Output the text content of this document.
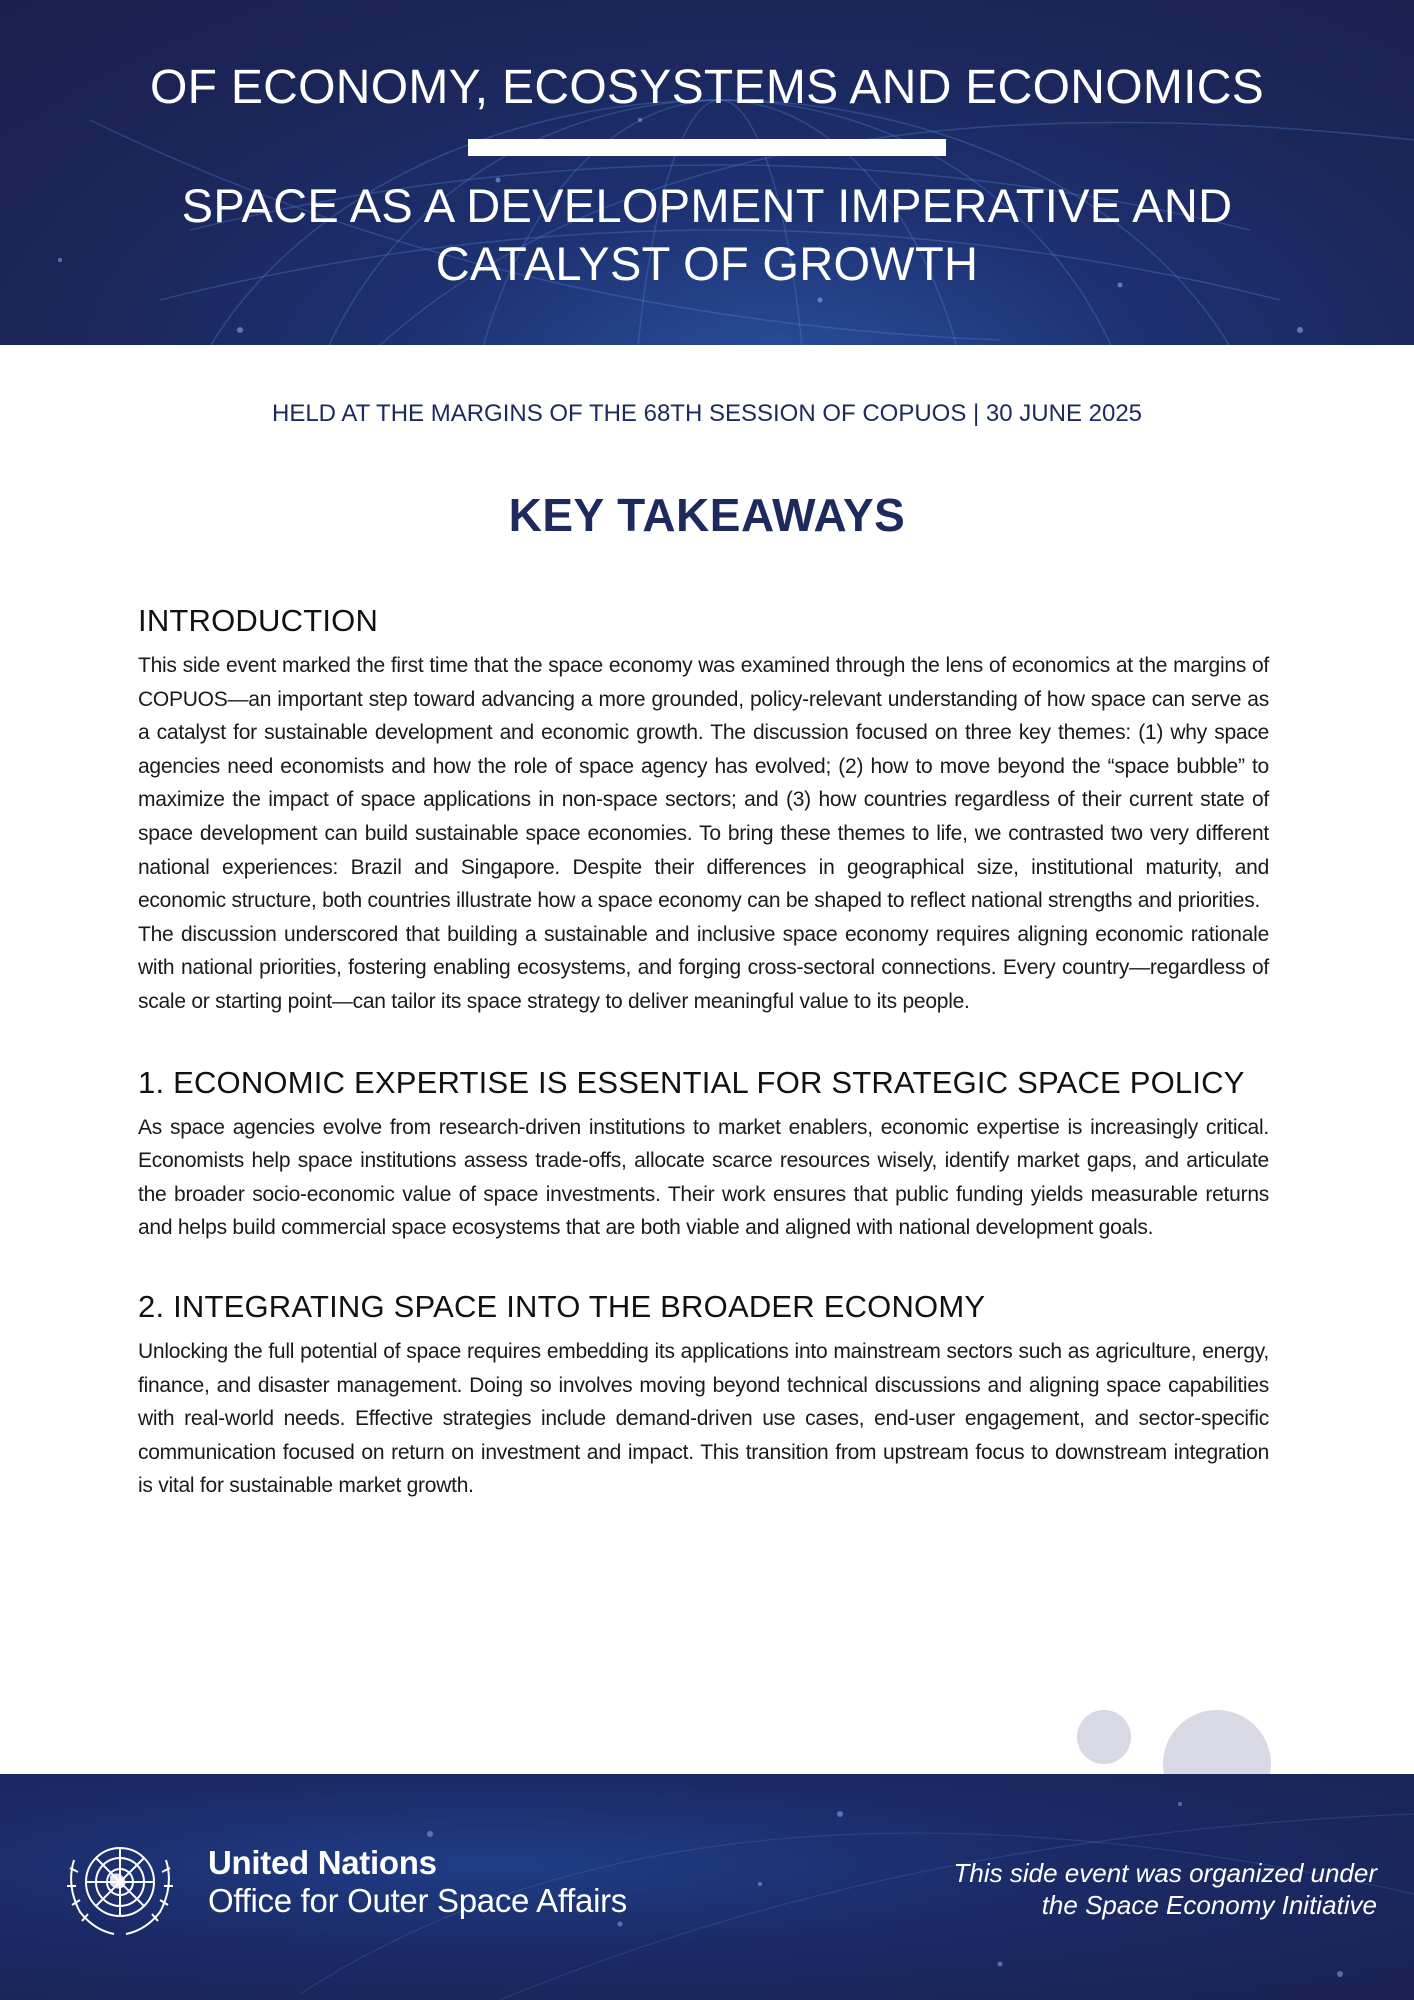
OF ECONOMY, ECOSYSTEMS AND ECONOMICS
SPACE AS A DEVELOPMENT IMPERATIVE AND
CATALYST OF GROWTH
HELD AT THE MARGINS OF THE 68TH SESSION OF COPUOS | 30 JUNE 2025
KEY TAKEAWAYS
INTRODUCTION

This side event marked the first time that the space economy was examined through the lens of economics at the margins of COPUOS—an important step toward advancing a more grounded, policy-relevant understanding of how space can serve as a catalyst for sustainable development and economic growth. The discussion focused on three key themes: (1) why space agencies need economists and how the role of space agency has evolved; (2) how to move beyond the “space bubble” to maximize the impact of space applications in non-space sectors; and (3) how countries regardless of their current state of space development can build sustainable space economies. To bring these themes to life, we contrasted two very different national experiences: Brazil and Singapore. Despite their differences in geographical size, institutional maturity, and economic structure, both countries illustrate how a space economy can be shaped to reflect national strengths and priorities.

The discussion underscored that building a sustainable and inclusive space economy requires aligning economic rationale with national priorities, fostering enabling ecosystems, and forging cross-sectoral connections. Every country—regardless of scale or starting point—can tailor its space strategy to deliver meaningful value to its people.

1. ECONOMIC EXPERTISE IS ESSENTIAL FOR STRATEGIC SPACE POLICY

As space agencies evolve from research-driven institutions to market enablers, economic expertise is increasingly critical. Economists help space institutions assess trade-offs, allocate scarce resources wisely, identify market gaps, and articulate the broader socio-economic value of space investments. Their work ensures that public funding yields measurable returns and helps build commercial space ecosystems that are both viable and aligned with national development goals.

2. INTEGRATING SPACE INTO THE BROADER ECONOMY

Unlocking the full potential of space requires embedding its applications into mainstream sectors such as agriculture, energy, finance, and disaster management. Doing so involves moving beyond technical discussions and aligning space capabilities with real-world needs. Effective strategies include demand-driven use cases, end-user engagement, and sector-specific communication focused on return on investment and impact. This transition from upstream focus to downstream integration is vital for sustainable market growth.

United Nations
Office for Outer Space Affairs
This side event was organized under
the Space Economy Initiative
